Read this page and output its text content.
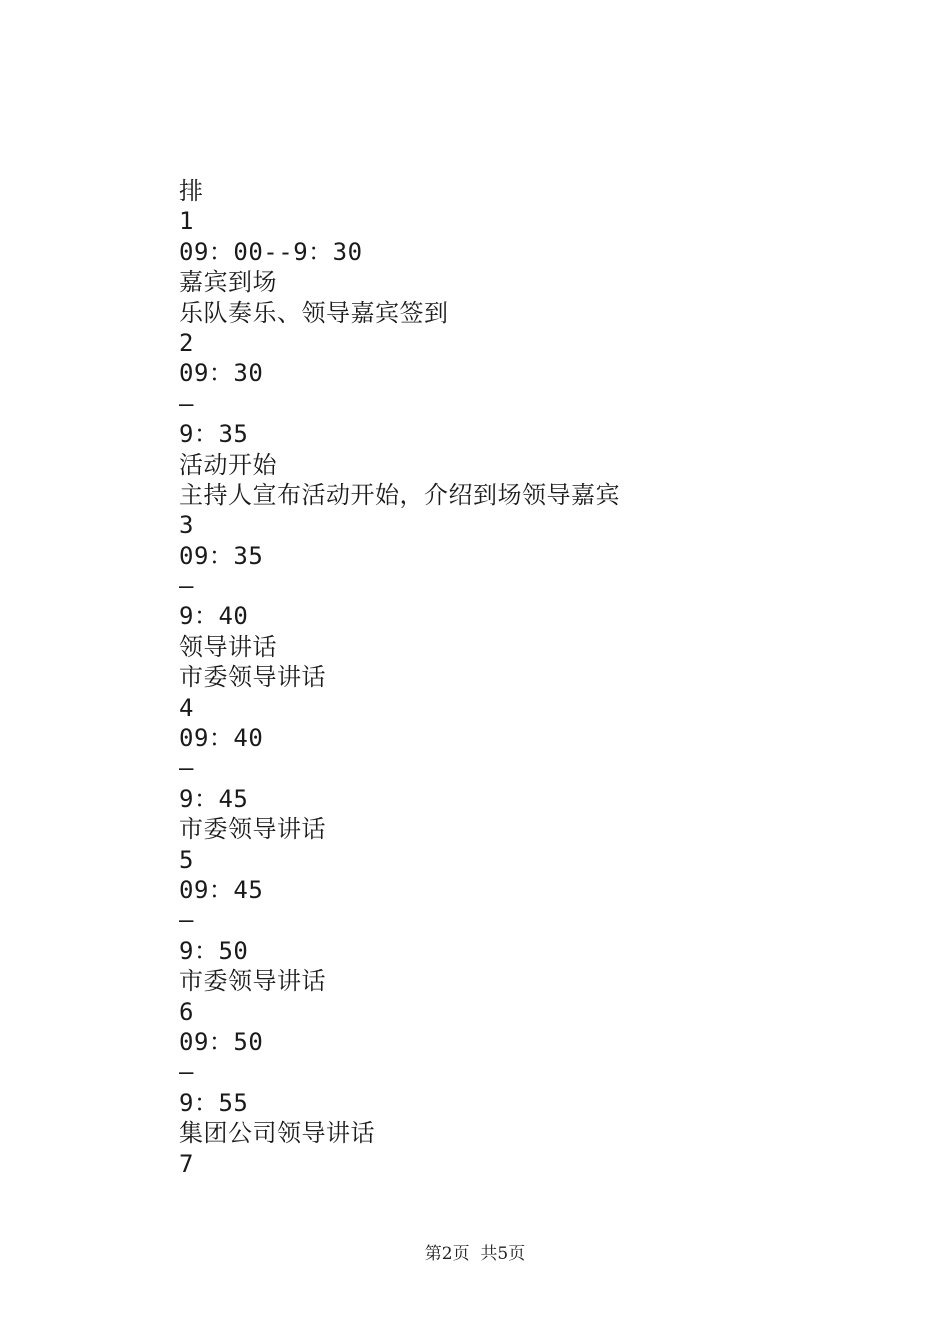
排
1
09：00--9：30
嘉宾到场
乐队奏乐、领导嘉宾签到
2
09：30
—
9：35
活动开始
主持人宣布活动开始，介绍到场领导嘉宾
3
09：35
—
9：40
领导讲话
市委领导讲话
4
09：40
—
9：45
市委领导讲话
5
09：45
—
9：50
市委领导讲话
6
09：50
—
9：55
集团公司领导讲话
7
第2页  共5页
